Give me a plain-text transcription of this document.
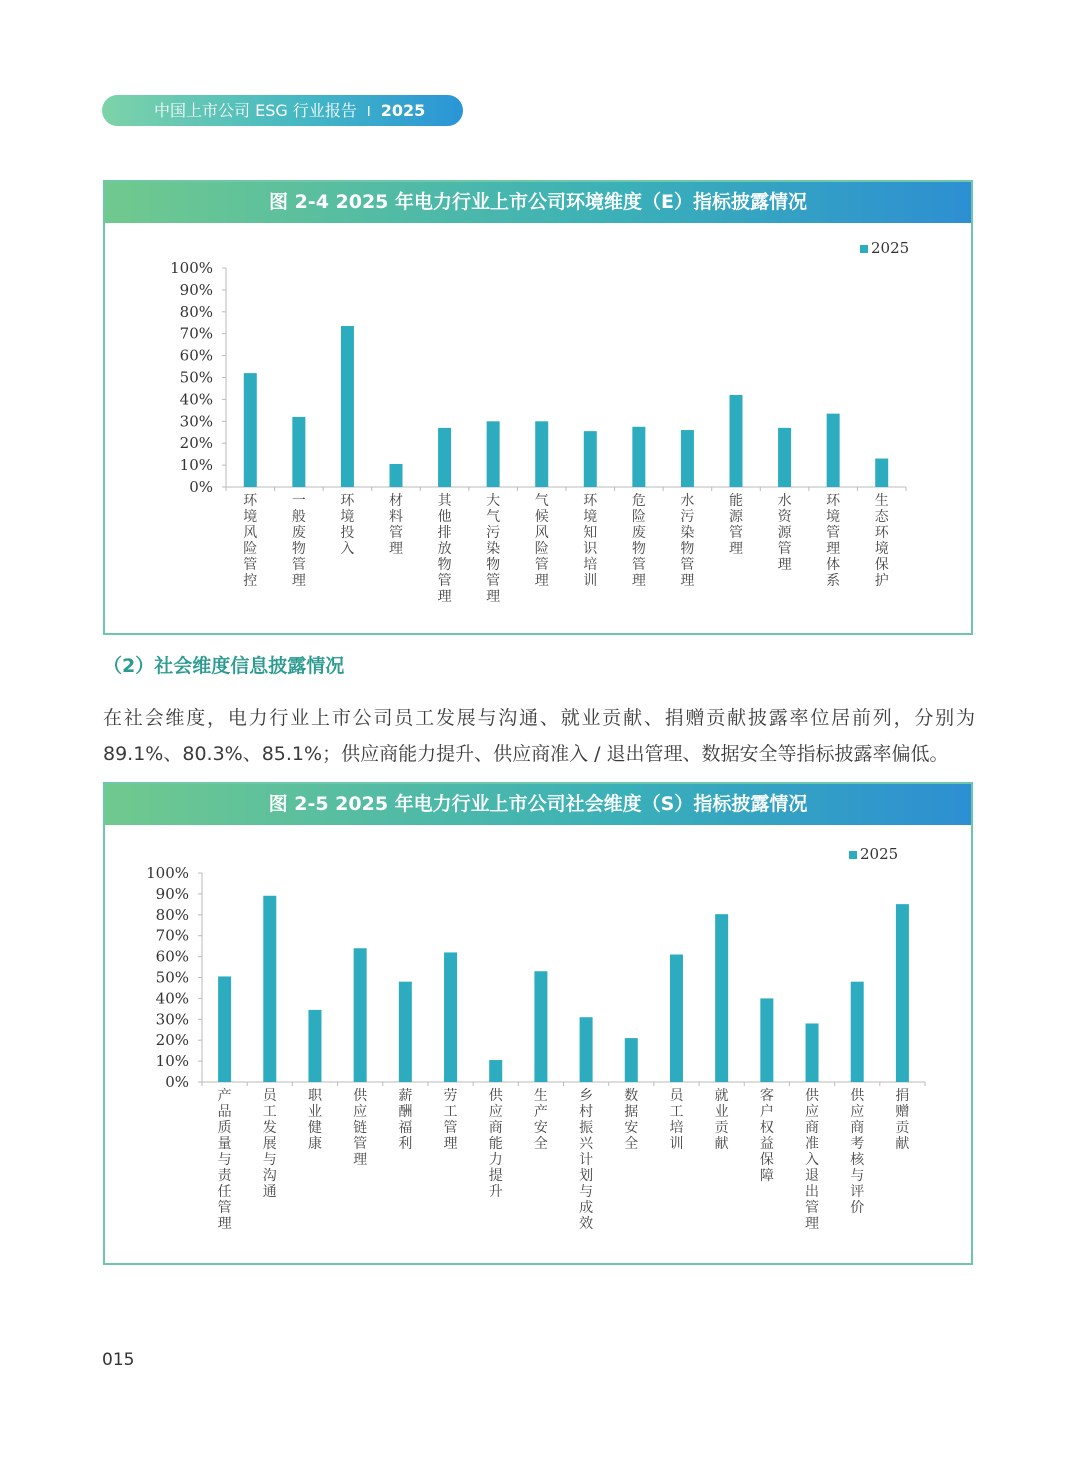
中国上市公司 ESG 行业报告 I 2025
图 2-4 2025 年电力行业上市公司环境维度（E）指标披露情况
0%
10%
20%
30%
40%
50%
60%
70%
80%
90%
100%
环境风险管控
一般废物管理
环境投入
材料管理
其他排放物管理
大气污染物管理
气候风险管理
环境知识培训
危险废物管理
水污染物管理
能源管理
水资源管理
环境管理体系
生态环境保护
2025
（2）社会维度信息披露情况
在社会维度，电力行业上市公司员工发展与沟通、就业贡献、捐赠贡献披露率位居前列，分别为 89.1%、80.3%、85.1%；供应商能力提升、供应商准入 / 退出管理、数据安全等指标披露率偏低。
图 2-5 2025 年电力行业上市公司社会维度（S）指标披露情况
0%
10%
20%
30%
40%
50%
60%
70%
80%
90%
100%
产品质量与责任管理
员工发展与沟通
职业健康
供应链管理
薪酬福利
劳工管理
供应商能力提升
生产安全
乡村振兴计划与成效
数据安全
员工培训
就业贡献
客户权益保障
供应商准入退出管理
供应商考核与评价
捐赠贡献
2025
015
